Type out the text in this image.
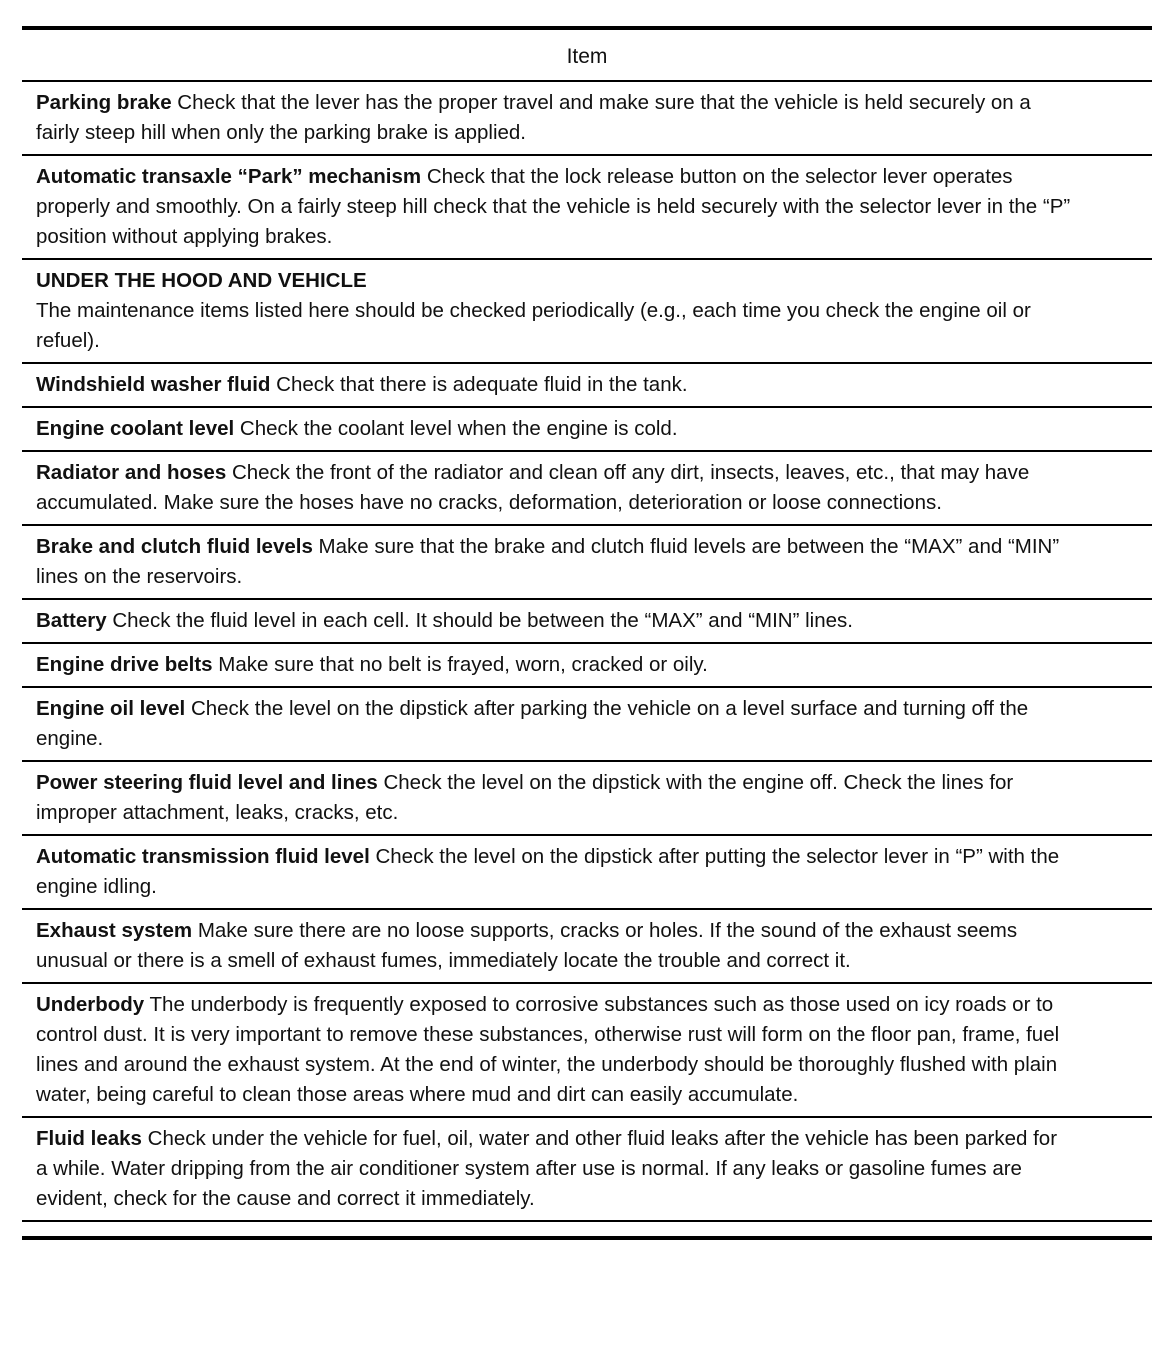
Item
Parking brake Check that the lever has the proper travel and make sure that the vehicle is held securely on a fairly steep hill when only the parking brake is applied.
Automatic transaxle “Park” mechanism Check that the lock release button on the selector lever operates properly and smoothly. On a fairly steep hill check that the vehicle is held securely with the selector lever in the “P” position without applying brakes.
UNDER THE HOOD AND VEHICLE
The maintenance items listed here should be checked periodically (e.g., each time you check the engine oil or refuel).
Windshield washer fluid Check that there is adequate fluid in the tank.
Engine coolant level Check the coolant level when the engine is cold.
Radiator and hoses Check the front of the radiator and clean off any dirt, insects, leaves, etc., that may have accumulated. Make sure the hoses have no cracks, deformation, deterioration or loose connections.
Brake and clutch fluid levels Make sure that the brake and clutch fluid levels are between the “MAX” and “MIN” lines on the reservoirs.
Battery Check the fluid level in each cell. It should be between the “MAX” and “MIN” lines.
Engine drive belts Make sure that no belt is frayed, worn, cracked or oily.
Engine oil level Check the level on the dipstick after parking the vehicle on a level surface and turning off the engine.
Power steering fluid level and lines Check the level on the dipstick with the engine off. Check the lines for improper attachment, leaks, cracks, etc.
Automatic transmission fluid level Check the level on the dipstick after putting the selector lever in “P” with the engine idling.
Exhaust system Make sure there are no loose supports, cracks or holes. If the sound of the exhaust seems unusual or there is a smell of exhaust fumes, immediately locate the trouble and correct it.
Underbody The underbody is frequently exposed to corrosive substances such as those used on icy roads or to control dust. It is very important to remove these substances, otherwise rust will form on the floor pan, frame, fuel lines and around the exhaust system. At the end of winter, the underbody should be thoroughly flushed with plain water, being careful to clean those areas where mud and dirt can easily accumulate.
Fluid leaks Check under the vehicle for fuel, oil, water and other fluid leaks after the vehicle has been parked for a while. Water dripping from the air conditioner system after use is normal. If any leaks or gasoline fumes are evident, check for the cause and correct it immediately.
